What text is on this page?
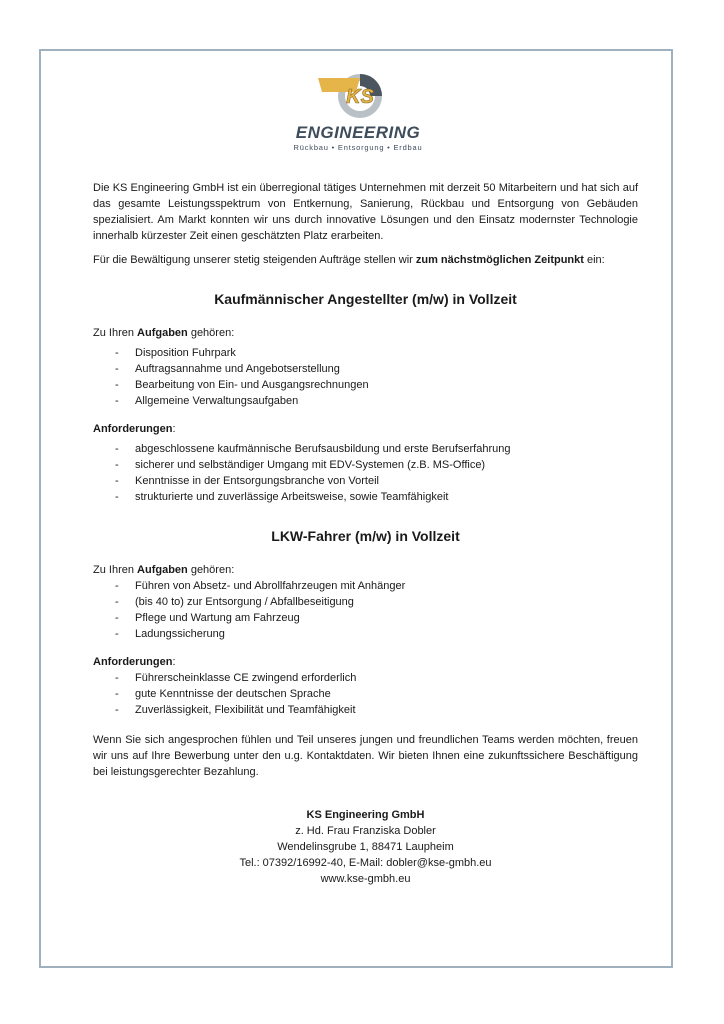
KS
ENGINEERING
Rückbau • Entsorgung • Erdbau

Die KS Engineering GmbH ist ein überregional tätiges Unternehmen mit derzeit 50 Mitarbeitern und hat sich auf das gesamte Leistungsspektrum von Entkernung, Sanierung, Rückbau und Entsorgung von Gebäuden spezialisiert. Am Markt konnten wir uns durch innovative Lösungen und den Einsatz modernster Technologie innerhalb kürzester Zeit einen geschätzten Platz erarbeiten.

Für die Bewältigung unserer stetig steigenden Aufträge stellen wir zum nächstmöglichen Zeitpunkt ein:

Kaufmännischer Angestellter (m/w) in Vollzeit

Zu Ihren Aufgaben gehören:

- Disposition Fuhrpark
- Auftragsannahme und Angebotserstellung
- Bearbeitung von Ein- und Ausgangsrechnungen
- Allgemeine Verwaltungsaufgaben

Anforderungen:

- abgeschlossene kaufmännische Berufsausbildung und erste Berufserfahrung
- sicherer und selbständiger Umgang mit EDV-Systemen (z.B. MS-Office)
- Kenntnisse in der Entsorgungsbranche von Vorteil
- strukturierte und zuverlässige Arbeitsweise, sowie Teamfähigkeit
LKW-Fahrer (m/w) in Vollzeit

Zu Ihren Aufgaben gehören:

- Führen von Absetz- und Abrollfahrzeugen mit Anhänger
- (bis 40 to) zur Entsorgung / Abfallbeseitigung
- Pflege und Wartung am Fahrzeug
- Ladungssicherung

Anforderungen:

- Führerscheinklasse CE zwingend erforderlich
- gute Kenntnisse der deutschen Sprache
- Zuverlässigkeit, Flexibilität und Teamfähigkeit

Wenn Sie sich angesprochen fühlen und Teil unseres jungen und freundlichen Teams werden möchten, freuen wir uns auf Ihre Bewerbung unter den u.g. Kontaktdaten. Wir bieten Ihnen eine zukunftssichere Beschäftigung bei leistungsgerechter Bezahlung.

KS Engineering GmbH
z. Hd. Frau Franziska Dobler
Wendelinsgrube 1, 88471 Laupheim
Tel.: 07392/16992-40, E-Mail: dobler@kse-gmbh.eu
www.kse-gmbh.eu
